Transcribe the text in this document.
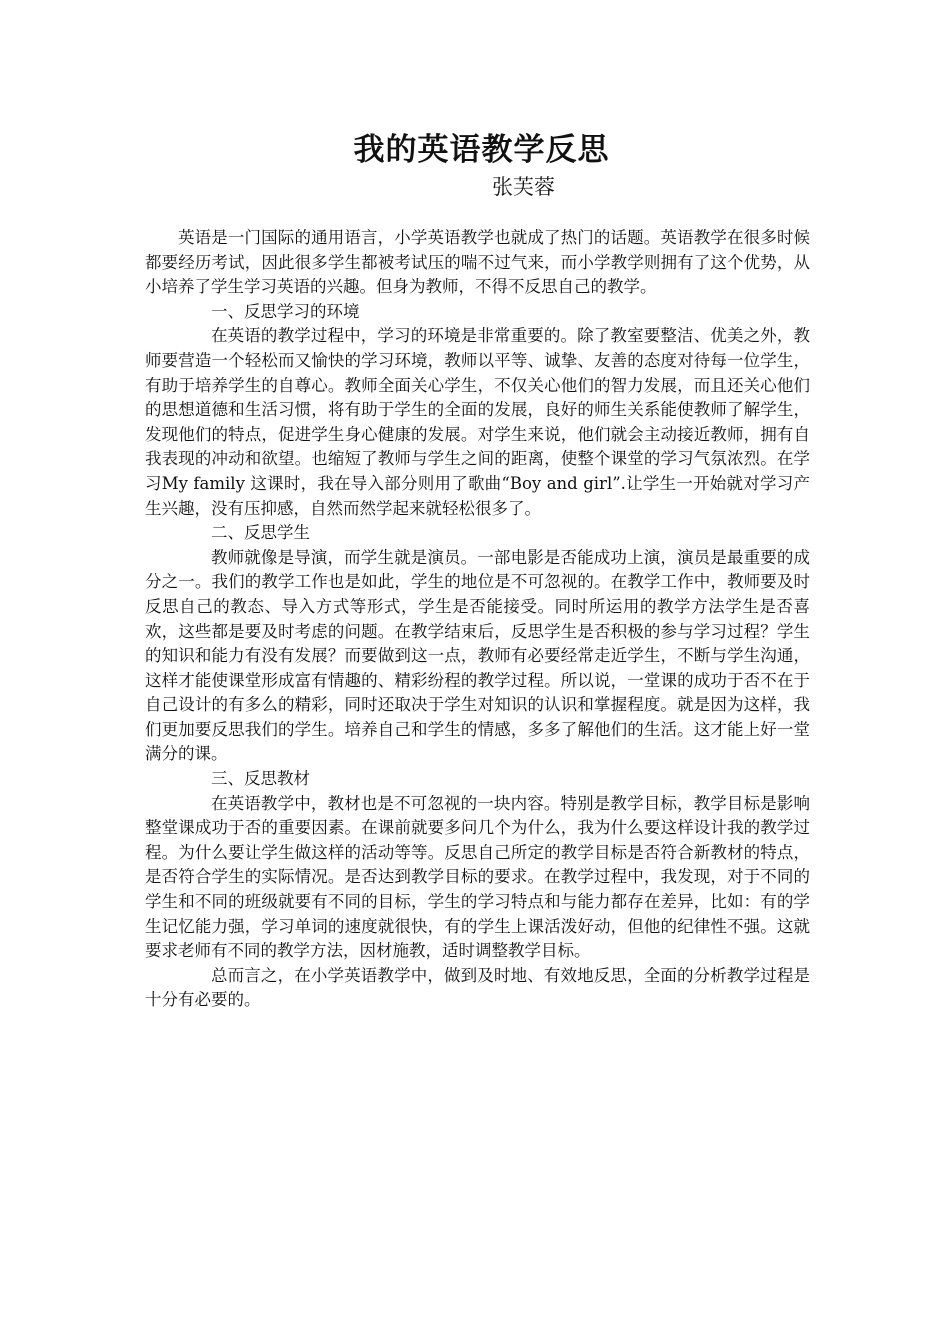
我的英语教学反思
张芙蓉

英语是一门国际的通用语言，小学英语教学也就成了热门的话题。英语教学在很多时候都要经历考试，因此很多学生都被考试压的喘不过气来，而小学教学则拥有了这个优势，从小培养了学生学习英语的兴趣。但身为教师，不得不反思自己的教学。

一、反思学习的环境

在英语的教学过程中，学习的环境是非常重要的。除了教室要整洁、优美之外，教师要营造一个轻松而又愉快的学习环境，教师以平等、诚挚、友善的态度对待每一位学生，有助于培养学生的自尊心。教师全面关心学生，不仅关心他们的智力发展，而且还关心他们的思想道德和生活习惯，将有助于学生的全面的发展，良好的师生关系能使教师了解学生，发现他们的特点，促进学生身心健康的发展。对学生来说，他们就会主动接近教师，拥有自我表现的冲动和欲望。也缩短了教师与学生之间的距离，使整个课堂的学习气氛浓烈。在学习My family 这课时，我在导入部分则用了歌曲“Boy and girl”.让学生一开始就对学习产生兴趣，没有压抑感，自然而然学起来就轻松很多了。

二、反思学生

教师就像是导演，而学生就是演员。一部电影是否能成功上演，演员是最重要的成分之一。我们的教学工作也是如此，学生的地位是不可忽视的。在教学工作中，教师要及时反思自己的教态、导入方式等形式，学生是否能接受。同时所运用的教学方法学生是否喜欢，这些都是要及时考虑的问题。在教学结束后，反思学生是否积极的参与学习过程？学生的知识和能力有没有发展？而要做到这一点，教师有必要经常走近学生，不断与学生沟通，这样才能使课堂形成富有情趣的、精彩纷程的教学过程。所以说，一堂课的成功于否不在于自己设计的有多么的精彩，同时还取决于学生对知识的认识和掌握程度。就是因为这样，我们更加要反思我们的学生。培养自己和学生的情感，多多了解他们的生活。这才能上好一堂满分的课。

三、反思教材

在英语教学中，教材也是不可忽视的一块内容。特别是教学目标，教学目标是影响整堂课成功于否的重要因素。在课前就要多问几个为什么，我为什么要这样设计我的教学过程。为什么要让学生做这样的活动等等。反思自己所定的教学目标是否符合新教材的特点，是否符合学生的实际情况。是否达到教学目标的要求。在教学过程中，我发现，对于不同的学生和不同的班级就要有不同的目标，学生的学习特点和与能力都存在差异，比如：有的学生记忆能力强，学习单词的速度就很快，有的学生上课活泼好动，但他的纪律性不强。这就要求老师有不同的教学方法，因材施教，适时调整教学目标。

总而言之，在小学英语教学中，做到及时地、有效地反思，全面的分析教学过程是十分有必要的。
